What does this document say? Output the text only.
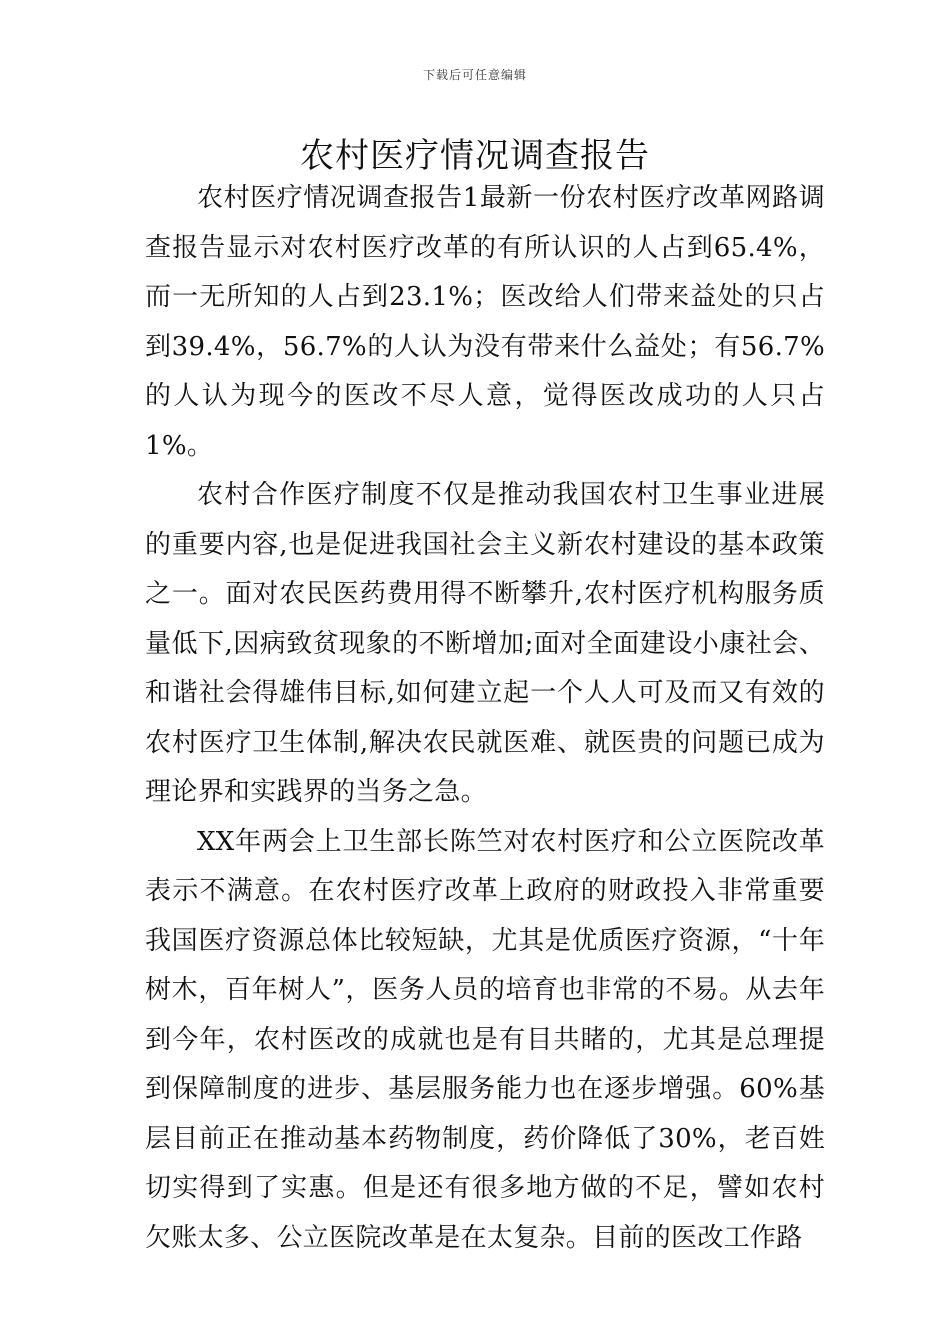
下载后可任意编辑
农村医疗情况调查报告

农村医疗情况调查报告1最新一份农村医疗改革网路调查报告显示对农村医疗改革的有所认识的人占到65.4%，而一无所知的人占到23.1%；医改给人们带来益处的只占到39.4%，56.7%的人认为没有带来什么益处；有56.7%的人认为现今的医改不尽人意，觉得医改成功的人只占1%。

农村合作医疗制度不仅是推动我国农村卫生事业进展的重要内容,也是促进我国社会主义新农村建设的基本政策之一。面对农民医药费用得不断攀升,农村医疗机构服务质量低下,因病致贫现象的不断增加;面对全面建设小康社会、和谐社会得雄伟目标,如何建立起一个人人可及而又有效的农村医疗卫生体制,解决农民就医难、就医贵的问题已成为理论界和实践界的当务之急。

XX年两会上卫生部长陈竺对农村医疗和公立医院改革表示不满意。在农村医疗改革上政府的财政投入非常重要我国医疗资源总体比较短缺，尤其是优质医疗资源，“十年树木，百年树人”，医务人员的培育也非常的不易。从去年到今年，农村医改的成就也是有目共睹的，尤其是总理提到保障制度的进步、基层服务能力也在逐步增强。60%基层目前正在推动基本药物制度，药价降低了30%，老百姓切实得到了实惠。但是还有很多地方做的不足，譬如农村欠账太多、公立医院改革是在太复杂。目前的医改工作路
